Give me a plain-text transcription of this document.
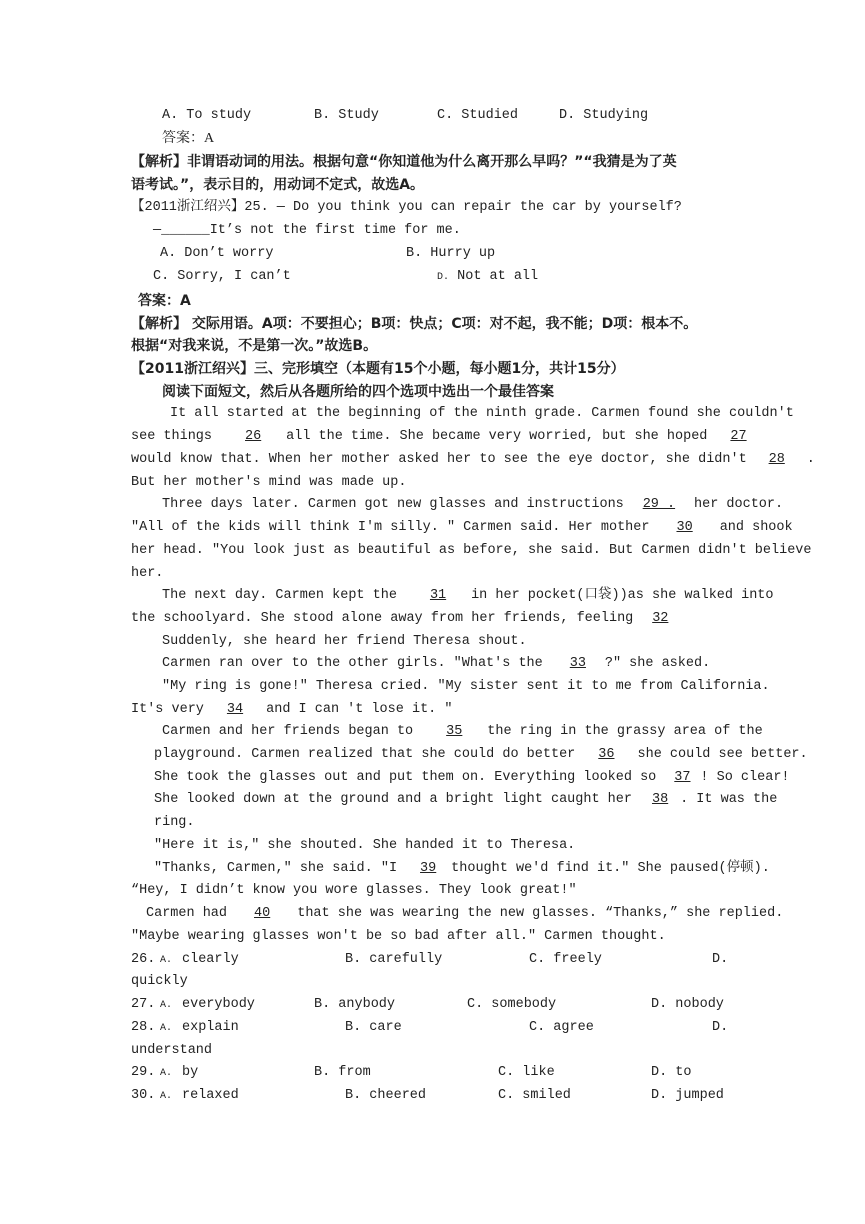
A. To study	B. Study	C. Studied	D. Studying
答案：A
【解析】非谓语动词的用法。根据句意“你知道他为什么离开那么早吗？”“我猜是为了英
语考试。”，表示目的，用动词不定式，故选A。
【2011浙江绍兴】25. — Do you think you can repair the car by yourself?
—______It’s not the first time for me.
A. Don’t worry	B. Hurry up
C. Sorry, I can’t	D. Not at all
答案：A
【解析】 交际用语。A项：不要担心；B项：快点；C项：对不起，我不能；D项：根本不。
根据“对我来说，不是第一次。”故选B。
【2011浙江绍兴】三、完形填空（本题有15个小题，每小题1分，共计15分）
阅读下面短文，然后从各题所给的四个选项中选出一个最佳答案
It all started at the beginning of the ninth grade. Carmen found she couldn't
see things 26 all the time. She became very worried, but she hoped 27
would know that. When her mother asked her to see the eye doctor, she didn't 28 .
But her mother's mind was made up.
Three days later. Carmen got new glasses and instructions 29 . her doctor.
"All of the kids will think I'm silly. " Carmen said. Her mother 30 and shook
her head. "You look just as beautiful as before, she said. But Carmen didn't believe
her.
The next day. Carmen kept the 31 in her pocket(口袋))as she walked into
the schoolyard. She stood alone away from her friends, feeling 32
Suddenly, she heard her friend Theresa shout.
Carmen ran over to the other girls. "What's the 33 ?" she asked.
"My ring is gone!" Theresa cried. "My sister sent it to me from California.
It's very 34 and I can 't lose it. "
Carmen and her friends began to 35 the ring in the grassy area of the
playground. Carmen realized that she could do better 36 she could see better.
She took the glasses out and put them on. Everything looked so 37 ! So clear!
She looked down at the ground and a bright light caught her 38 . It was the
ring.
"Here it is," she shouted. She handed it to Theresa.
"Thanks, Carmen," she said. "I 39 thought we'd find it." She paused(停顿).
“Hey, I didn’t know you wore glasses. They look great!"
Carmen had 40 that she was wearing the new glasses. “Thanks,” she replied.
"Maybe wearing glasses won't be so bad after all." Carmen thought.
26. A. clearly	B. carefully	C. freely	D.
quickly
27. A. everybody	B. anybody	C. somebody	D. nobody
28. A. explain	B. care	C. agree	D.
understand
29. A. by	B. from	C. like	D. to
30. A. relaxed	B. cheered	C. smiled	D. jumped
